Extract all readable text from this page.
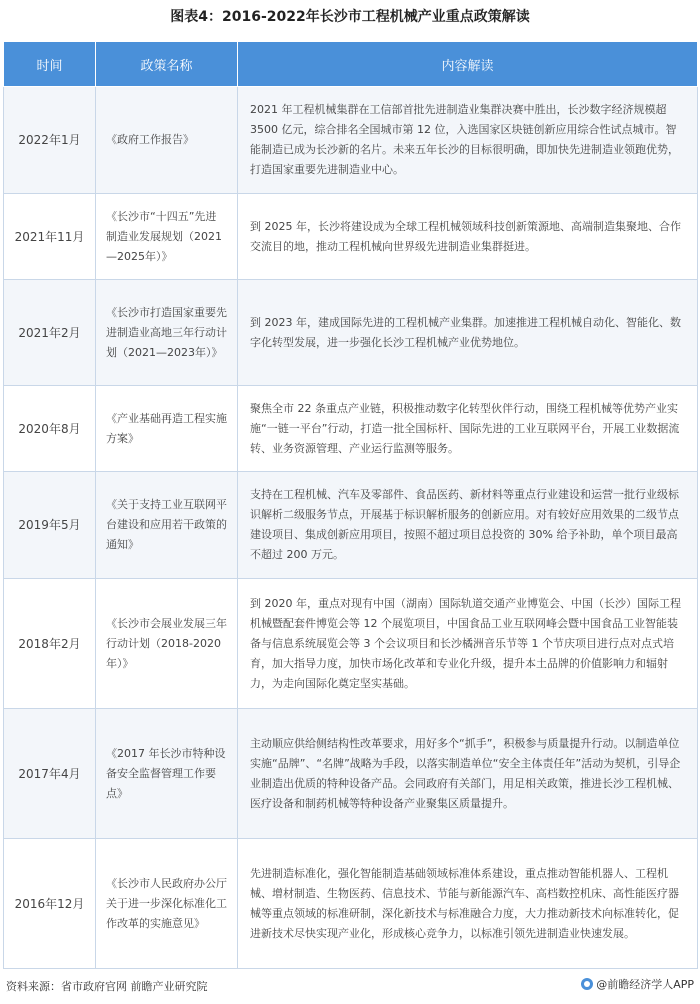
图表4：2016-2022年长沙市工程机械产业重点政策解读
时间	政策名称	内容解读
2022年1月	《政府工作报告》	2021 年工程机械集群在工信部首批先进制造业集群决赛中胜出，长沙数字经济规模超 3500 亿元，综合排名全国城市第 12 位，入选国家区块链创新应用综合性试点城市。智能制造已成为长沙新的名片。未来五年长沙的目标很明确，即加快先进制造业领跑优势，打造国家重要先进制造业中心。
2021年11月	《长沙市“十四五”先进制造业发展规划（2021—2025年）》	到 2025 年，长沙将建设成为全球工程机械领域科技创新策源地、高端制造集聚地、合作交流目的地，推动工程机械向世界级先进制造业集群挺进。
2021年2月	《长沙市打造国家重要先进制造业高地三年行动计划（2021—2023年）》	到 2023 年，建成国际先进的工程机械产业集群。加速推进工程机械自动化、智能化、数字化转型发展，进一步强化长沙工程机械产业优势地位。
2020年8月	《产业基础再造工程实施方案》	聚焦全市 22 条重点产业链，积极推动数字化转型伙伴行动，围绕工程机械等优势产业实施“一链一平台”行动，打造一批全国标杆、国际先进的工业互联网平台，开展工业数据流转、业务资源管理、产业运行监测等服务。
2019年5月	《关于支持工业互联网平台建设和应用若干政策的通知》	支持在工程机械、汽车及零部件、食品医药、新材料等重点行业建设和运营一批行业级标识解析二级服务节点，开展基于标识解析服务的创新应用。对有较好应用效果的二级节点建设项目、集成创新应用项目，按照不超过项目总投资的 30% 给予补助，单个项目最高不超过 200 万元。
2018年2月	《长沙市会展业发展三年行动计划（2018-2020年）》	到 2020 年，重点对现有中国（湖南）国际轨道交通产业博览会、中国（长沙）国际工程机械暨配套件博览会等 12 个展览项目，中国食品工业互联网峰会暨中国食品工业智能装备与信息系统展览会等 3 个会议项目和长沙橘洲音乐节等 1 个节庆项目进行点对点式培育，加大指导力度，加快市场化改革和专业化升级，提升本土品牌的价值影响力和辐射力，为走向国际化奠定坚实基础。
2017年4月	《2017 年长沙市特种设备安全监督管理工作要点》	主动顺应供给侧结构性改革要求，用好多个“抓手”，积极参与质量提升行动。以制造单位实施“品牌”、“名牌”战略为手段，以落实制造单位“安全主体责任年”活动为契机，引导企业制造出优质的特种设备产品。会同政府有关部门，用足相关政策，推进长沙工程机械、医疗设备和制药机械等特种设备产业聚集区质量提升。
2016年12月	《长沙市人民政府办公厅关于进一步深化标准化工作改革的实施意见》	先进制造标准化，强化智能制造基础领域标准体系建设，重点推动智能机器人、工程机械、增材制造、生物医药、信息技术、节能与新能源汽车、高档数控机床、高性能医疗器械等重点领域的标准研制，深化新技术与标准融合力度，大力推动新技术向标准转化，促进新技术尽快实现产业化，形成核心竞争力，以标准引领先进制造业快速发展。
资料来源：省市政府官网 前瞻产业研究院	@前瞻经济学人APP
